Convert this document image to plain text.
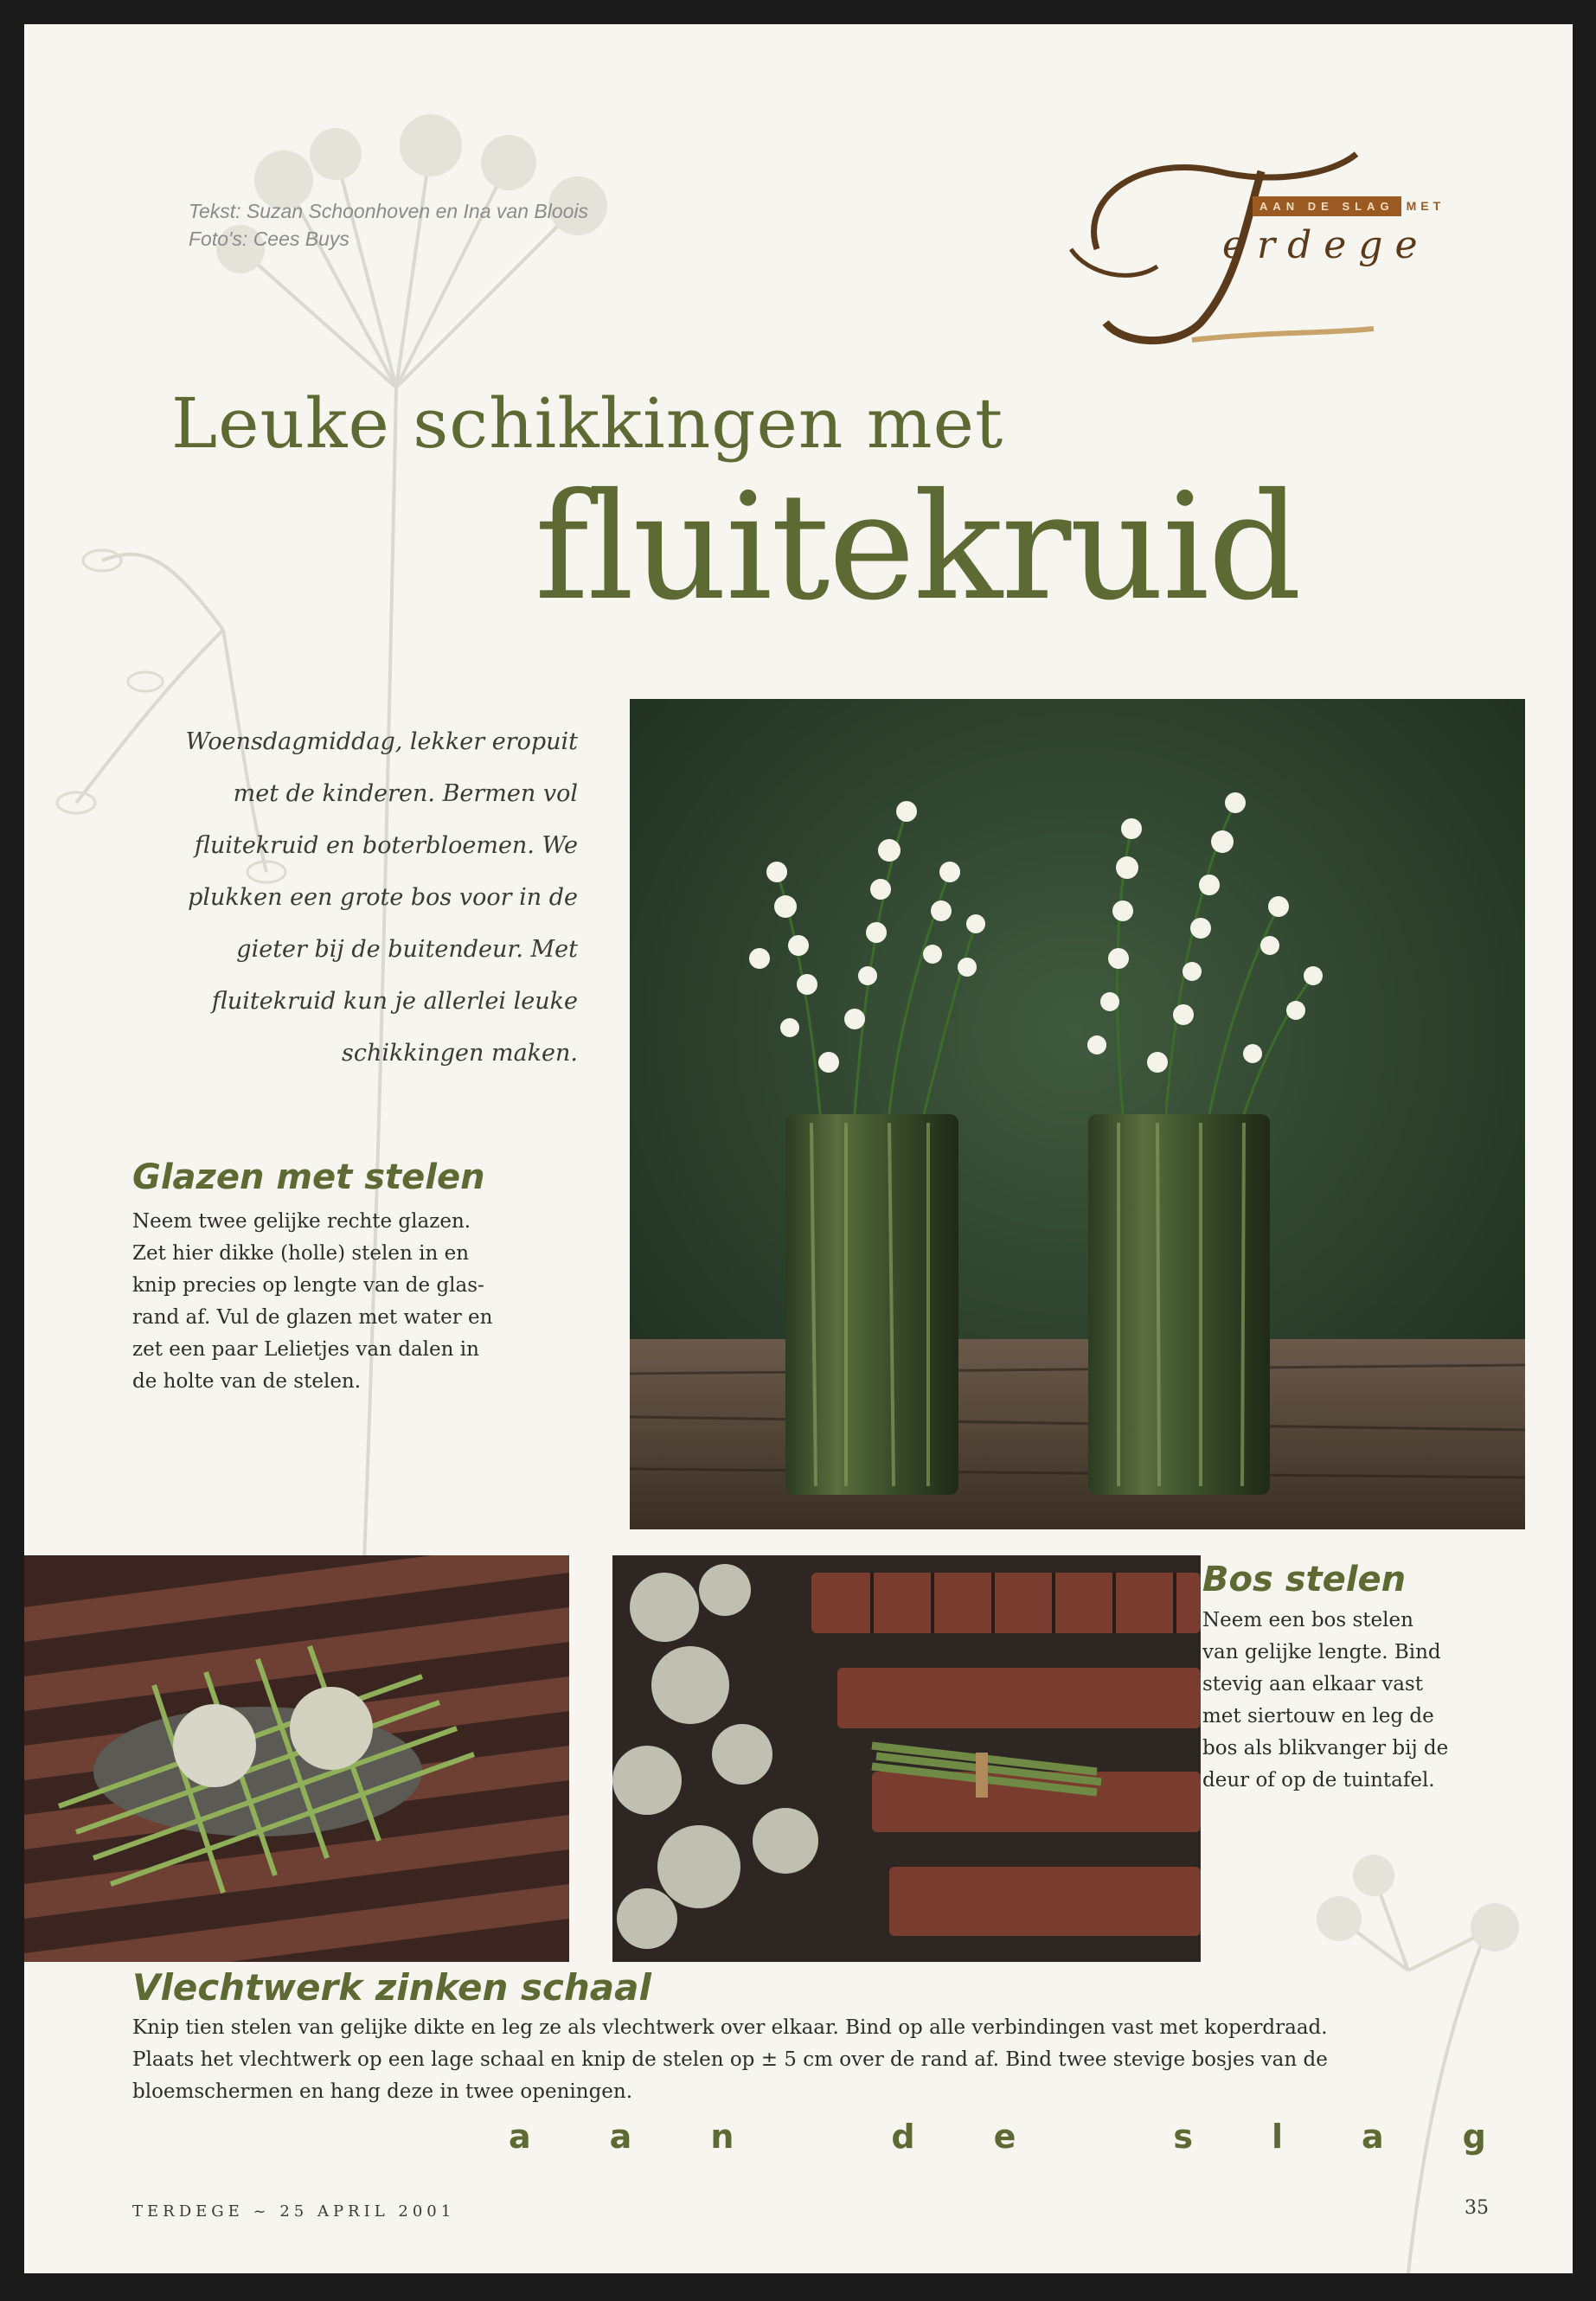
Tekst: Suzan Schoonhoven en Ina van Bloois
Foto's: Cees Buys
AAN DE SLAG	MET
erdege
Leuke schikkingen met
fluitekruid
Woensdagmiddag, lekker eropuit
met de kinderen. Bermen vol
fluitekruid en boterbloemen. We
plukken een grote bos voor in de
gieter bij de buitendeur. Met
fluitekruid kun je allerlei leuke
schikkingen maken.
Glazen met stelen
Neem twee gelijke rechte glazen.
Zet hier dikke (holle) stelen in en
knip precies op lengte van de glas-
rand af. Vul de glazen met water en
zet een paar Lelietjes van dalen in
de holte van de stelen.
Bos stelen
Neem een bos stelen
van gelijke lengte. Bind
stevig aan elkaar vast
met siertouw en leg de
bos als blikvanger bij de
deur of op de tuintafel.
Vlechtwerk zinken schaal
Knip tien stelen van gelijke dikte en leg ze als vlechtwerk over elkaar. Bind op alle verbindingen vast met koperdraad.
Plaats het vlechtwerk op een lage schaal en knip de stelen op ± 5 cm over de rand af. Bind twee stevige bosjes van de
bloemschermen en hang deze in twee openingen.
a a n	d e	s l a g
TERDEGE ~ 25 APRIL 2001	35
